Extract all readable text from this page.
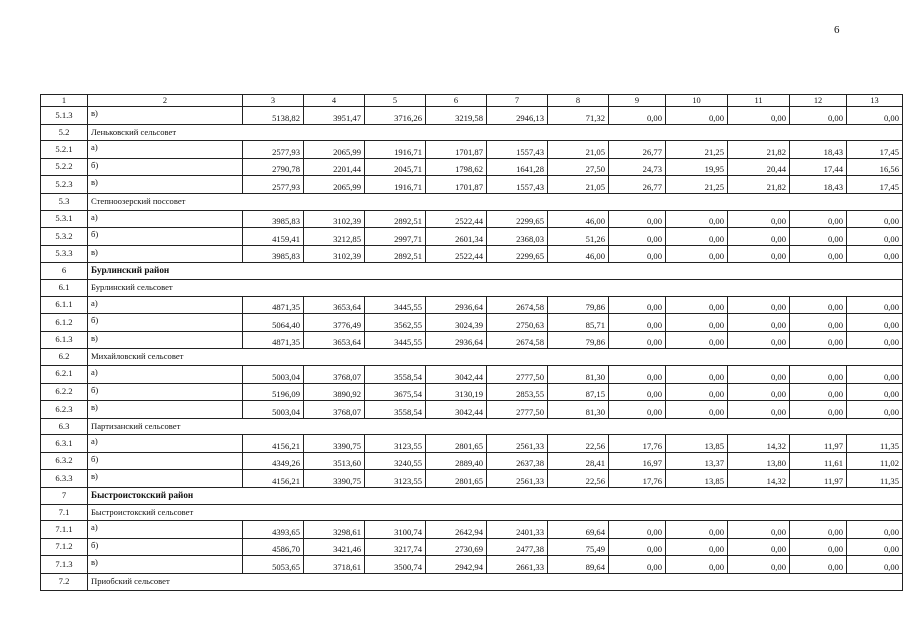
6
1	2	3	4	5	6	7	8	9	10	11	12	13
5.1.3	в)	5138,82	3951,47	3716,26	3219,58	2946,13	71,32	0,00	0,00	0,00	0,00	0,00
5.2	Леньковский сельсовет											
5.2.1	а)	2577,93	2065,99	1916,71	1701,87	1557,43	21,05	26,77	21,25	21,82	18,43	17,45
5.2.2	б)	2790,78	2201,44	2045,71	1798,62	1641,28	27,50	24,73	19,95	20,44	17,44	16,56
5.2.3	в)	2577,93	2065,99	1916,71	1701,87	1557,43	21,05	26,77	21,25	21,82	18,43	17,45
5.3	Степноозерский поссовет											
5.3.1	а)	3985,83	3102,39	2892,51	2522,44	2299,65	46,00	0,00	0,00	0,00	0,00	0,00
5.3.2	б)	4159,41	3212,85	2997,71	2601,34	2368,03	51,26	0,00	0,00	0,00	0,00	0,00
5.3.3	в)	3985,83	3102,39	2892,51	2522,44	2299,65	46,00	0,00	0,00	0,00	0,00	0,00
6	Бурлинский район											
6.1	Бурлинский сельсовет											
6.1.1	а)	4871,35	3653,64	3445,55	2936,64	2674,58	79,86	0,00	0,00	0,00	0,00	0,00
6.1.2	б)	5064,40	3776,49	3562,55	3024,39	2750,63	85,71	0,00	0,00	0,00	0,00	0,00
6.1.3	в)	4871,35	3653,64	3445,55	2936,64	2674,58	79,86	0,00	0,00	0,00	0,00	0,00
6.2	Михайловский сельсовет											
6.2.1	а)	5003,04	3768,07	3558,54	3042,44	2777,50	81,30	0,00	0,00	0,00	0,00	0,00
6.2.2	б)	5196,09	3890,92	3675,54	3130,19	2853,55	87,15	0,00	0,00	0,00	0,00	0,00
6.2.3	в)	5003,04	3768,07	3558,54	3042,44	2777,50	81,30	0,00	0,00	0,00	0,00	0,00
6.3	Партизанский сельсовет											
6.3.1	а)	4156,21	3390,75	3123,55	2801,65	2561,33	22,56	17,76	13,85	14,32	11,97	11,35
6.3.2	б)	4349,26	3513,60	3240,55	2889,40	2637,38	28,41	16,97	13,37	13,80	11,61	11,02
6.3.3	в)	4156,21	3390,75	3123,55	2801,65	2561,33	22,56	17,76	13,85	14,32	11,97	11,35
7	Быстроистокский район											
7.1	Быстроистокский сельсовет											
7.1.1	а)	4393,65	3298,61	3100,74	2642,94	2401,33	69,64	0,00	0,00	0,00	0,00	0,00
7.1.2	б)	4586,70	3421,46	3217,74	2730,69	2477,38	75,49	0,00	0,00	0,00	0,00	0,00
7.1.3	в)	5053,65	3718,61	3500,74	2942,94	2661,33	89,64	0,00	0,00	0,00	0,00	0,00
7.2	Приобский сельсовет											
